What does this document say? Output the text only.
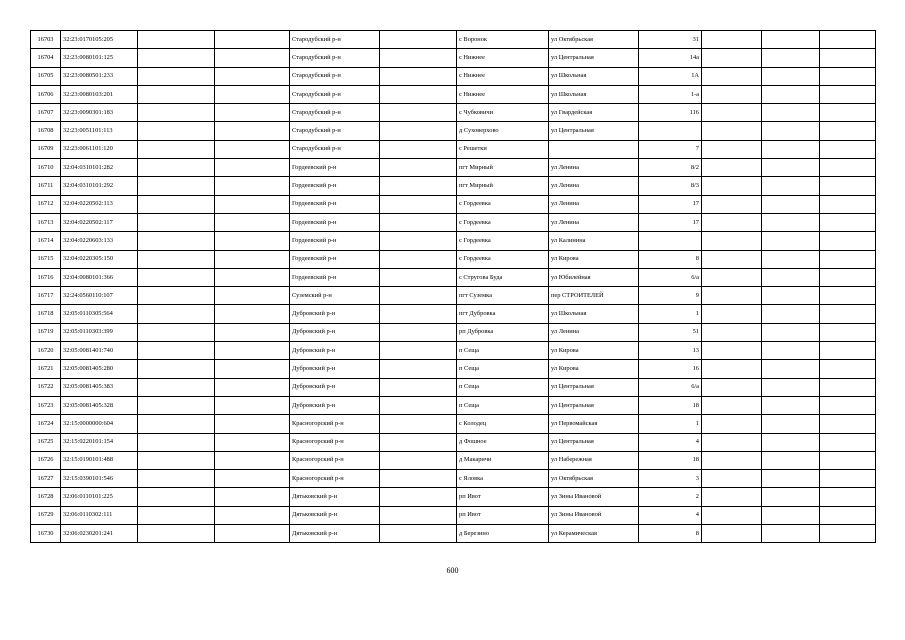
16703	32:23:0170105:205			Стародубский р-н		с Воронок	ул Октябрьская	31			
16704	32:23:0080101:125			Стародубский р-н		с Нижнее	ул Центральная	14а			
16705	32:23:0080501:233			Стародубский р-н		с Нижнее	ул Школьная	1А			
16706	32:23:0080103:201			Стародубский р-н		с Нижнее	ул Школьная	1-а			
16707	32:23:0090301:183			Стародубский р-н		с Чубковичи	ул Гвардейская	116			
16708	32:23:0051101:113			Стародубский р-н		д Суховерхово	ул Центральная				
16709	32:23:0061101:120			Стародубский р-н		с Решетки		7			
16710	32:04:0310101:282			Гордеевский р-н		пгт Мирный	ул Ленина	8/2			
16711	32:04:0310101:292			Гордеевский р-н		пгт Мирный	ул Ленина	8/3			
16712	32:04:0220502:113			Гордеевский р-н		с Гордеевка	ул Ленина	17			
16713	32:04:0220502:117			Гордеевский р-н		с Гордеевка	ул Ленина	17			
16714	32:04:0220603:133			Гордеевский р-н		с Гордеевка	ул Калинина				
16715	32:04:0220305:150			Гордеевский р-н		с Гордеевка	ул Кирова	8			
16716	32:04:0080101:366			Гордеевский р-н		с Струговa Буда	ул Юбилейная	6/а			
16717	32:24:0560110:107			Суземский р-н		пгт Суземка	пер СТРОИТЕЛЕЙ	9			
16718	32:05:0110305:564			Дубровский р-н		пгт Дубровка	ул Школьная	1			
16719	32:05:0110303:399			Дубровский р-н		рп Дубровка	ул Ленина	51			
16720	32:05:0081401:740			Дубровский р-н		п Сеща	ул Кирова	13			
16721	32:05:0081405:280			Дубровский р-н		п Сеща	ул Кирова	16			
16722	32:05:0081405:383			Дубровский р-н		п Сеща	ул Центральная	6/а			
16723	32:05:0081405:328			Дубровский р-н		п Сеща	ул Центральная	18			
16724	32:15:0000000:604			Красногорский р-н		с Колодец	ул Первомайская	1			
16725	32:15:0220101:154			Красногорский р-н		д Фошное	ул Центральная	4			
16726	32:15:0190101:488			Красногорский р-н		д Макаричи	ул Набережная	18			
16727	32:15:0390101:546			Красногорский р-н		с Яловка	ул Октябрьская	3			
16728	32:06:0110101:225			Дятьковский р-н		рп Ивот	ул Зины Ивановой	2			
16729	32:06:0110302:111			Дятьковский р-н		рп Ивот	ул Зины Ивановой	4			
16730	32:06:0230201:241			Дятьковский р-н		д Березино	ул Керамическая	8			
600
